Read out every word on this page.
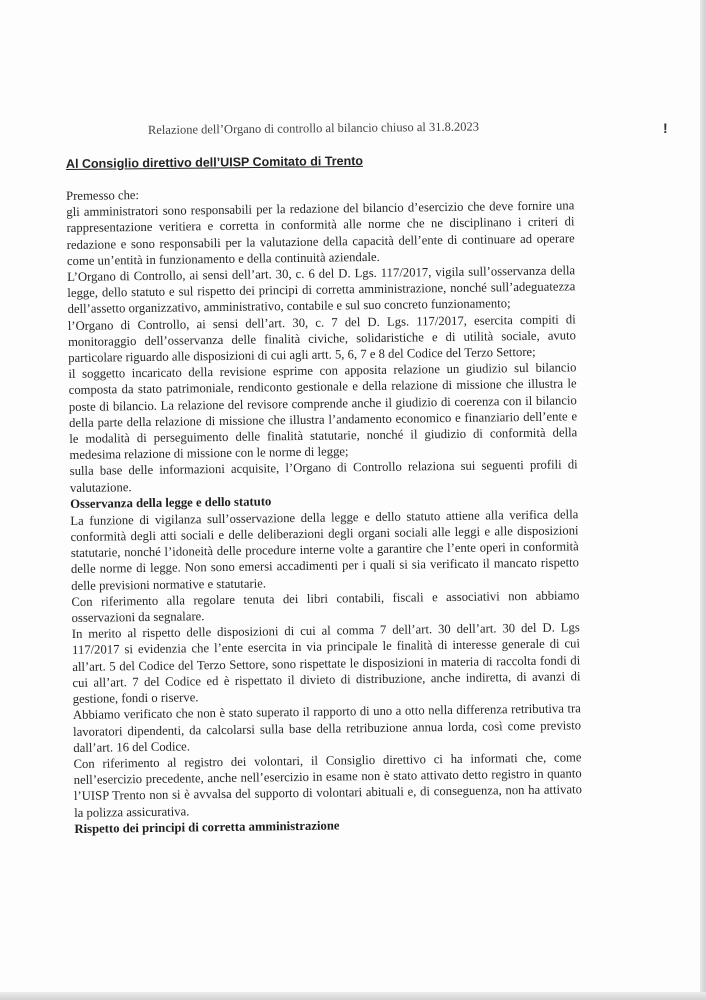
!
Relazione dell’Organo di controllo al bilancio chiuso al 31.8.2023
Al Consiglio direttivo dell’UISP Comitato di Trento

Premesso che:

gli amministratori sono responsabili per la redazione del bilancio d’esercizio che deve fornire una rappresentazione veritiera e corretta in conformità alle norme che ne disciplinano i criteri di redazione e sono responsabili per la valutazione della capacità dell’ente di continuare ad operare come un’entità in funzionamento e della continuità aziendale.

L’Organo di Controllo, ai sensi dell’art. 30, c. 6 del D. Lgs. 117/2017, vigila sull’osservanza della legge, dello statuto e sul rispetto dei principi di corretta amministrazione, nonché sull’adeguatezza dell’assetto organizzativo, amministrativo, contabile e sul suo concreto funzionamento;

l’Organo di Controllo, ai sensi dell’art. 30, c. 7 del D. Lgs. 117/2017, esercita compiti di monitoraggio dell’osservanza delle finalità civiche, solidaristiche e di utilità sociale, avuto particolare riguardo alle disposizioni di cui agli artt. 5, 6, 7 e 8 del Codice del Terzo Settore;

il soggetto incaricato della revisione esprime con apposita relazione un giudizio sul bilancio composta da stato patrimoniale, rendiconto gestionale e della relazione di missione che illustra le poste di bilancio. La relazione del revisore comprende anche il giudizio di coerenza con il bilancio della parte della relazione di missione che illustra l’andamento economico e finanziario dell’ente e le modalità di perseguimento delle finalità statutarie, nonché il giudizio di conformità della medesima relazione di missione con le norme di legge;

sulla base delle informazioni acquisite, l’Organo di Controllo relaziona sui seguenti profili di valutazione.

Osservanza della legge e dello statuto

La funzione di vigilanza sull’osservazione della legge e dello statuto attiene alla verifica della conformità degli atti sociali e delle deliberazioni degli organi sociali alle leggi e alle disposizioni statutarie, nonché l’idoneità delle procedure interne volte a garantire che l’ente operi in conformità delle norme di legge. Non sono emersi accadimenti per i quali si sia verificato il mancato rispetto delle previsioni normative e statutarie.

Con riferimento alla regolare tenuta dei libri contabili, fiscali e associativi non abbiamo osservazioni da segnalare.

In merito al rispetto delle disposizioni di cui al comma 7 dell’art. 30 dell’art. 30 del D. Lgs 117/2017 si evidenzia che l’ente esercita in via principale le finalità di interesse generale di cui all’art. 5 del Codice del Terzo Settore, sono rispettate le disposizioni in materia di raccolta fondi di cui all’art. 7 del Codice ed è rispettato il divieto di distribuzione, anche indiretta, di avanzi di gestione, fondi o riserve.

Abbiamo verificato che non è stato superato il rapporto di uno a otto nella differenza retributiva tra lavoratori dipendenti, da calcolarsi sulla base della retribuzione annua lorda, così come previsto dall’art. 16 del Codice.

Con riferimento al registro dei volontari, il Consiglio direttivo ci ha informati che, come nell’esercizio precedente, anche nell’esercizio in esame non è stato attivato detto registro in quanto l’UISP Trento non si è avvalsa del supporto di volontari abituali e, di conseguenza, non ha attivato la polizza assicurativa.

Rispetto dei principi di corretta amministrazione
